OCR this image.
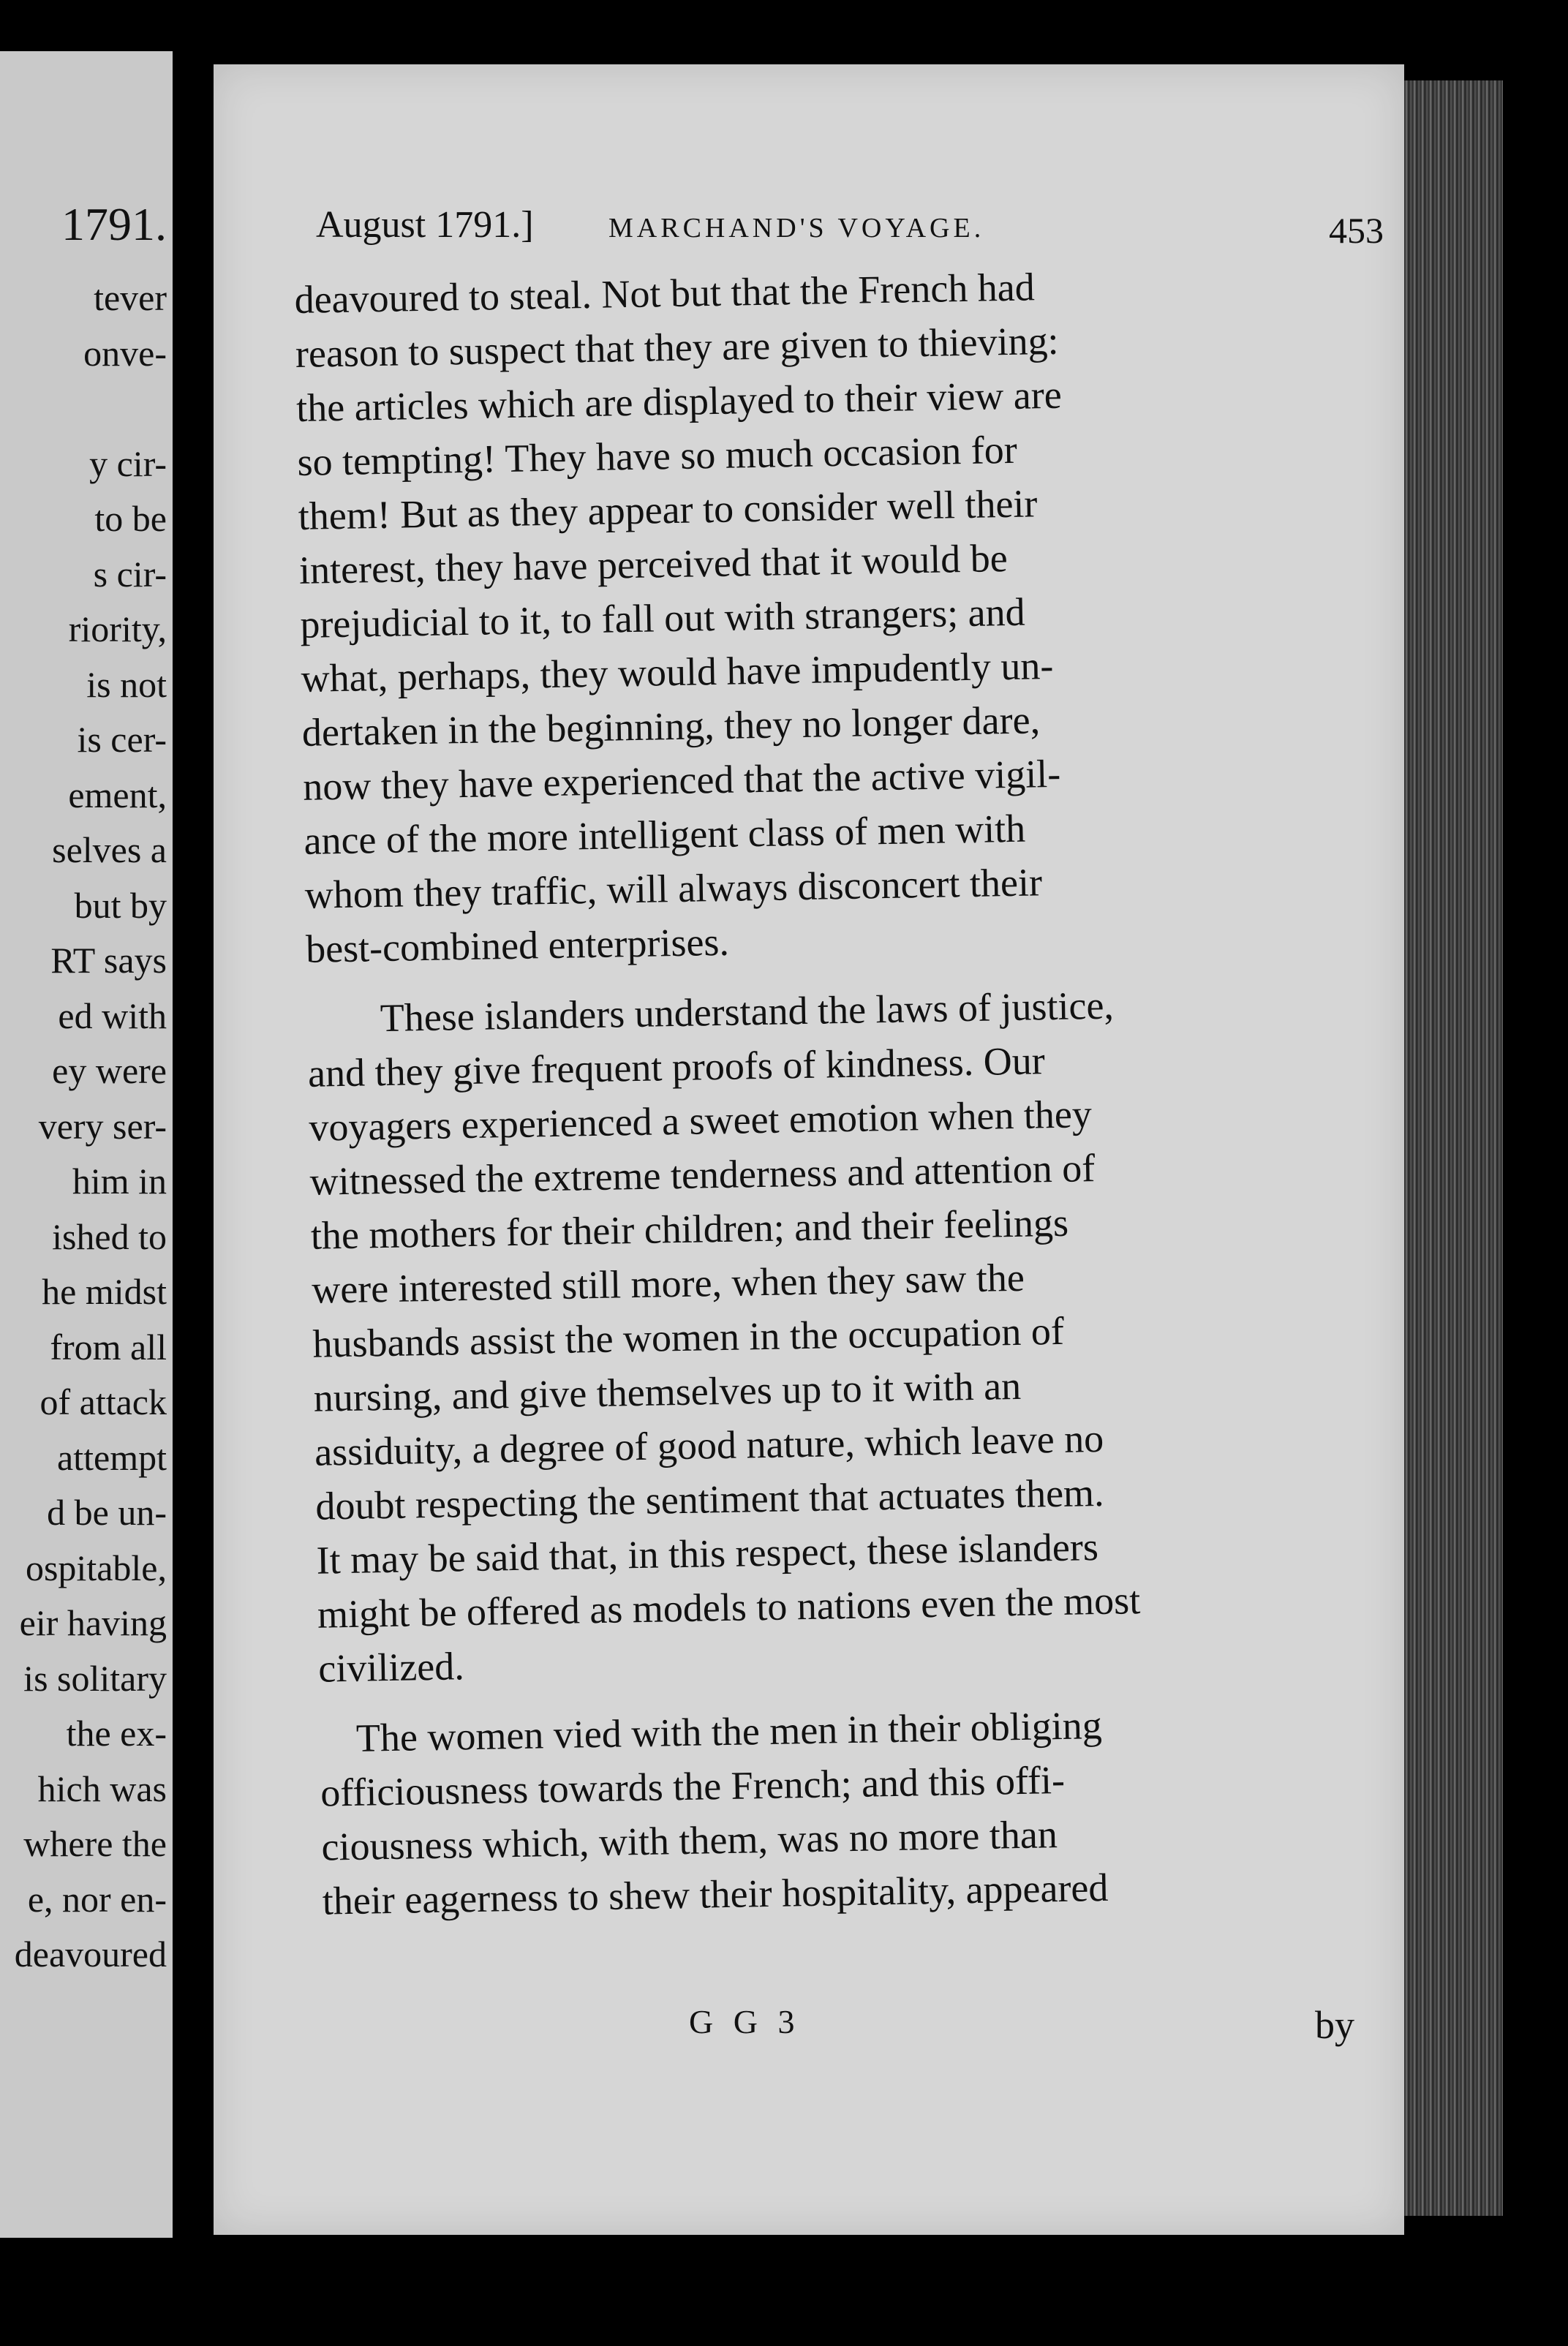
1791.
tever
onve-
y cir-
to be
s cir-
riority,
is not
is cer-
ement,
selves a
but by
RT says
ed with
ey were
very ser-
him in
ished to
he midst
from all
of attack
attempt
d be un-
ospitable,
eir having
is solitary
the ex-
hich was
where the
e, nor en-
deavoured
August 1791.]	MARCHAND'S VOYAGE.	453

deavoured to steal. Not but that the French had
reason to suspect that they are given to thieving:
the articles which are displayed to their view are
so tempting! They have so much occasion for
them! But as they appear to consider well their
interest, they have perceived that it would be
prejudicial to it, to fall out with strangers; and
what, perhaps, they would have impudently un-
dertaken in the beginning, they no longer dare,
now they have experienced that the active vigil-
ance of the more intelligent class of men with
whom they traffic, will always disconcert their
best-combined enterprises.

These islanders understand the laws of justice,
and they give frequent proofs of kindness. Our
voyagers experienced a sweet emotion when they
witnessed the extreme tenderness and attention of
the mothers for their children; and their feelings
were interested still more, when they saw the
husbands assist the women in the occupation of
nursing, and give themselves up to it with an
assiduity, a degree of good nature, which leave no
doubt respecting the sentiment that actuates them.
It may be said that, in this respect, these islanders
might be offered as models to nations even the most
civilized.

The women vied with the men in their obliging
officiousness towards the French; and this offi-
ciousness which, with them, was no more than
their eagerness to shew their hospitality, appeared

G G 3	by
